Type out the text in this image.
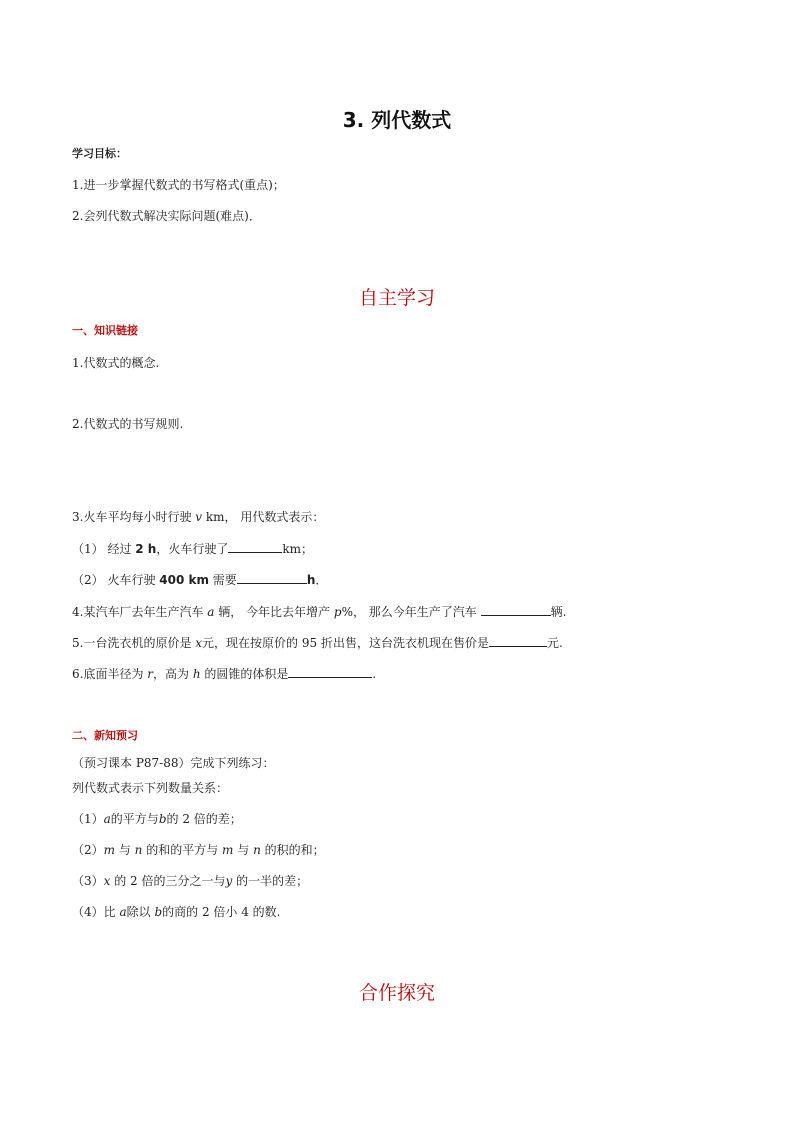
3. 列代数式
学习目标：
1.进一步掌握代数式的书写格式(重点)；
2.会列代数式解决实际问题(难点)．
自主学习
一、知识链接
1.代数式的概念.
2.代数式的书写规则.
3.火车平均每小时行驶 v km， 用代数式表示：
（1） 经过 2 h，火车行驶了	km；
（2） 火车行驶 400 km 需要	h．
4.某汽车厂去年生产汽车 a 辆， 今年比去年增产 p%， 那么今年生产了汽车	辆.
5.一台洗衣机的原价是 x元，现在按原价的 95 折出售，这台洗衣机现在售价是	元.
6.底面半径为 r，高为 h 的圆锥的体积是	.
二、新知预习
（预习课本 P87-88）完成下列练习：
列代数式表示下列数量关系：
（1）a的平方与b的 2 倍的差；
（2）m 与 n 的和的平方与 m 与 n 的积的和；
（3）x 的 2 倍的三分之一与y 的一半的差；
（4）比 a除以 b的商的 2 倍小 4 的数.
合作探究
